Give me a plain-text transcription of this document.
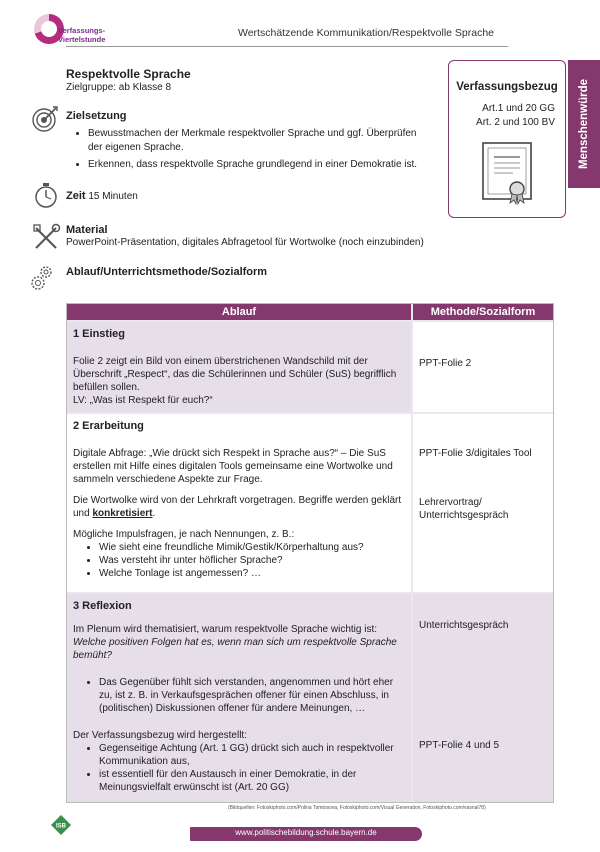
Verfassungs-
Viertelstunde
Wertschätzende Kommunikation/Respektvolle Sprache
Menschenwürde
Verfassungsbezug
Art.1 und 20 GG
Art. 2 und 100 BV
Respektvolle Sprache
Zielgruppe: ab Klasse 8
Zielsetzung
• Bewusstmachen der Merkmale respektvoller Sprache und ggf. Überprüfen der eigenen Sprache.
• Erkennen, dass respektvolle Sprache grundlegend in einer Demokratie ist.
Zeit 15 Minuten
Material
PowerPoint-Präsentation, digitales Abfragetool für Wortwolke (noch einzubinden)
Ablauf/Unterrichtsmethode/Sozialform
Ablauf	Methode/Sozialform
1 Einstieg
Folie 2 zeigt ein Bild von einem überstrichenen Wandschild mit der Überschrift „Respect“, das die Schülerinnen und Schüler (SuS) begrifflich befüllen sollen.
LV: „Was ist Respekt für euch?“
PPT-Folie 2
2 Erarbeitung

Digitale Abfrage: „Wie drückt sich Respekt in Sprache aus?“ – Die SuS erstellen mit Hilfe eines digitalen Tools gemeinsame eine Wortwolke und sammeln verschiedene Aspekte zur Frage.

Die Wortwolke wird von der Lehrkraft vorgetragen. Begriffe werden geklärt und konkretisiert.

Mögliche Impulsfragen, je nach Nennungen, z. B.:
• Wie sieht eine freundliche Mimik/Gestik/Körperhaltung aus?
• Was versteht ihr unter höflicher Sprache?
• Welche Tonlage ist angemessen? …
PPT-Folie 3/digitales Tool
Lehrervortrag/
Unterrichtsgespräch
3 Reflexion
Im Plenum wird thematisiert, warum respektvolle Sprache wichtig ist:
Welche positiven Folgen hat es, wenn man sich um respektvolle Sprache bemüht?
• Das Gegenüber fühlt sich verstanden, angenommen und hört eher zu, ist z. B. in Verkaufsgesprächen offener für einen Abschluss, in (politischen) Diskussionen offener für andere Meinungen, …
Der Verfassungsbezug wird hergestellt:
• Gegenseitige Achtung (Art. 1 GG) drückt sich auch in respektvoller Kommunikation aus,
• ist essentiell für den Austausch in einer Demokratie, in der Meinungsvielfalt erwünscht ist (Art. 20 GG)
Unterrichtsgespräch
PPT-Folie 4 und 5
(Bildquellen: Fotoskiphoto.com/Polina Tomtosova, Fotoskiphoto.com/Visual Generation, Fotoskiphoto.com/vasnal78)
ISB
www.politischebildung.schule.bayern.de
